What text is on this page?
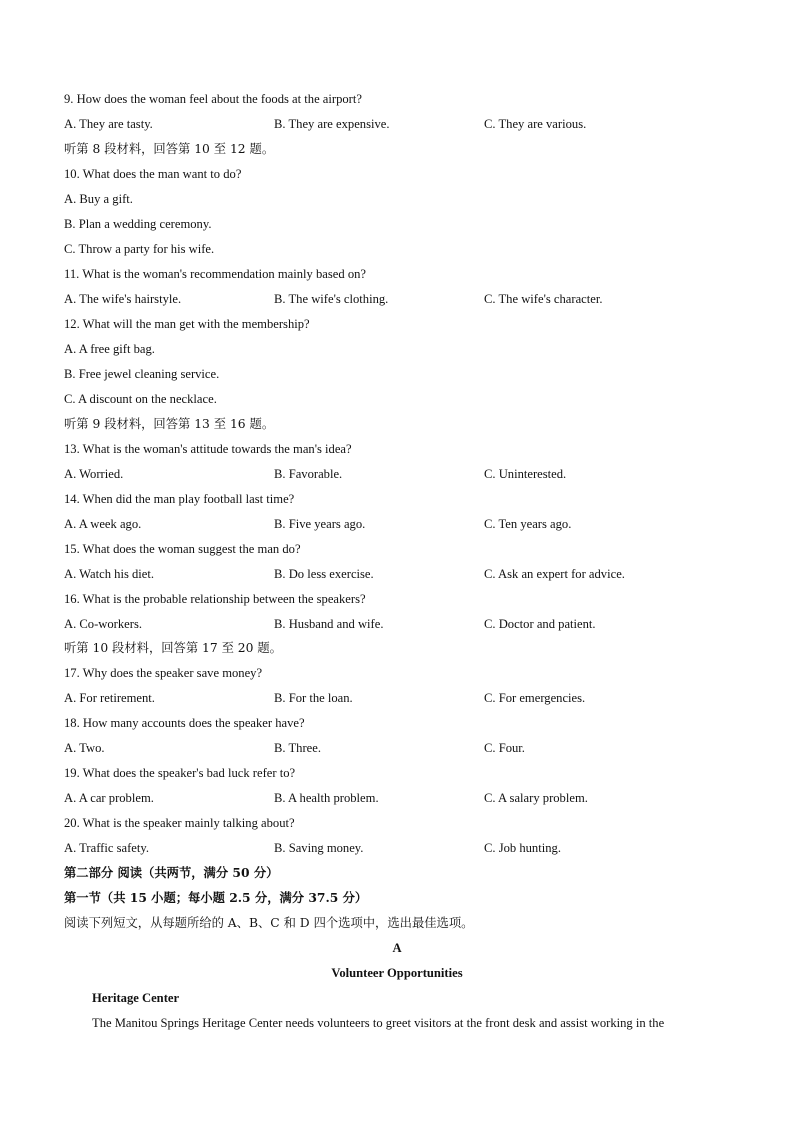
9. How does the woman feel about the foods at the airport?
A. They are tasty.	B. They are expensive.	C. They are various.
听第 8 段材料，回答第 10 至 12 题。
10. What does the man want to do?
A. Buy a gift.
B. Plan a wedding ceremony.
C. Throw a party for his wife.
11. What is the woman's recommendation mainly based on?
A. The wife's hairstyle.	B. The wife's clothing.	C. The wife's character.
12. What will the man get with the membership?
A. A free gift bag.
B. Free jewel cleaning service.
C. A discount on the necklace.
听第 9 段材料，回答第 13 至 16 题。
13. What is the woman's attitude towards the man's idea?
A. Worried.	B. Favorable.	C. Uninterested.
14. When did the man play football last time?
A. A week ago.	B. Five years ago.	C. Ten years ago.
15. What does the woman suggest the man do?
A. Watch his diet.	B. Do less exercise.	C. Ask an expert for advice.
16. What is the probable relationship between the speakers?
A. Co-workers.	B. Husband and wife.	C. Doctor and patient.
听第 10 段材料，回答第 17 至 20 题。
17. Why does the speaker save money?
A. For retirement.	B. For the loan.	C. For emergencies.
18. How many accounts does the speaker have?
A. Two.	B. Three.	C. Four.
19. What does the speaker's bad luck refer to?
A. A car problem.	B. A health problem.	C. A salary problem.
20. What is the speaker mainly talking about?
A. Traffic safety.	B. Saving money.	C. Job hunting.
第二部分 阅读（共两节，满分 50 分）
第一节（共 15 小题；每小题 2.5 分，满分 37.5 分）
阅读下列短文，从每题所给的 A、B、C 和 D 四个选项中，选出最佳选项。
A
Volunteer Opportunities
Heritage Center
The Manitou Springs Heritage Center needs volunteers to greet visitors at the front desk and assist working in the
